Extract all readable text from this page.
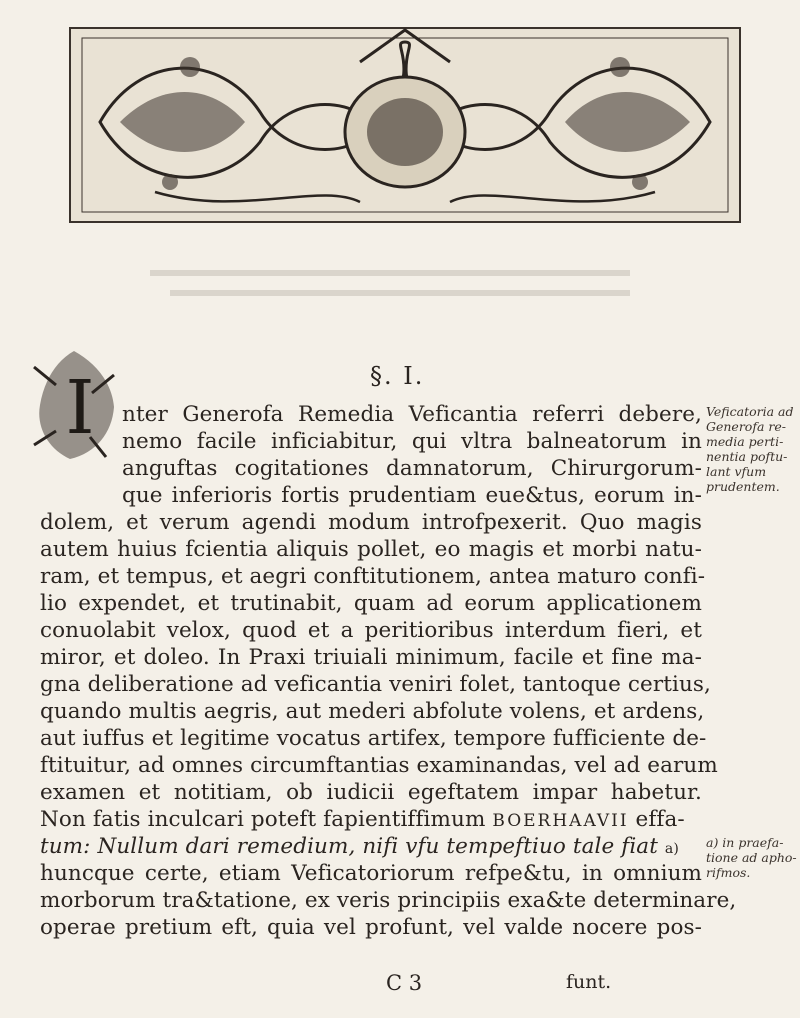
§. I.
I nter Generofa Remedia Veficantia referri debere,
nemo facile inficiabitur, qui vltra balneatorum in
anguftas cogitationes damnatorum, Chirurgorum-
que inferioris fortis prudentiam eue&tus, eorum in-
dolem, et verum agendi modum introfpexerit. Quo magis
autem huius fcientia aliquis pollet, eo magis et morbi natu-
ram, et tempus, et aegri conftitutionem, antea maturo confi-
lio expendet, et trutinabit, quam ad eorum applicationem
conuolabit velox, quod et a peritioribus interdum fieri, et
miror, et doleo. In Praxi triuiali minimum, facile et fine ma-
gna deliberatione ad veficantia veniri folet, tantoque certius,
quando multis aegris, aut mederi abfolute volens, et ardens,
aut iuffus et legitime vocatus artifex, tempore fufficiente de-
ftituitur, ad omnes circumftantias examinandas, vel ad earum
examen et notitiam, ob iudicii egeftatem impar habetur.
Non fatis inculcari poteft fapientiffimum BOERHAAVII effa-
tum: Nullum dari remedium, nifi vfu tempeftiuo tale fiat a)
huncque certe, etiam Veficatoriorum refpe&tu, in omnium
morborum tra&tatione, ex veris principiis exa&te determinare,
operae pretium eft, quia vel profunt, vel valde nocere pos-
Veficatoria ad
Generofa re-
media perti-
nentia poftu-
lant vfum
prudentem.
a) in praefa-
tione ad apho-
rifmos.
C 3	funt.
